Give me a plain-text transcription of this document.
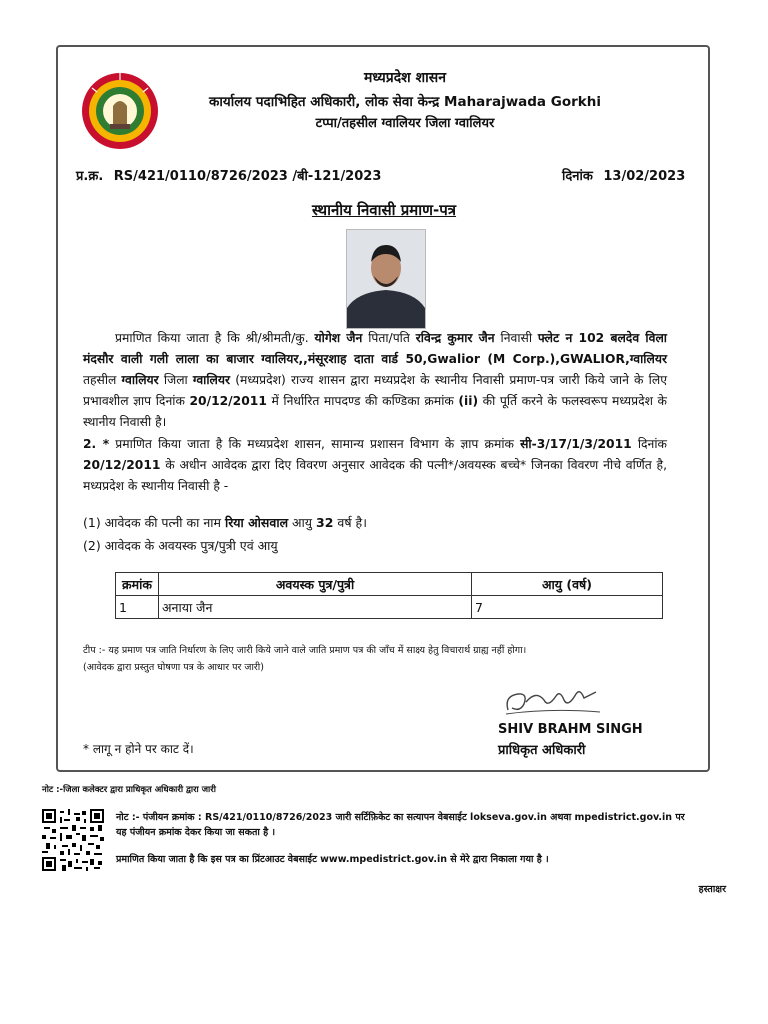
मध्यप्रदेश शासन
कार्यालय पदाभिहित अधिकारी, लोक सेवा केन्द्र Maharajwada Gorkhi
टप्पा/तहसील ग्वालियर जिला ग्वालियर
प्र.क्र. RS/421/0110/8726/2023 /बी-121/2023	दिनांक 13/02/2023
स्थानीय निवासी प्रमाण-पत्र

प्रमाणित किया जाता है कि श्री/श्रीमती/कु. योगेश जैन पिता/पति रविन्द्र कुमार जैन निवासी फ्लेट न 102 बलदेव विला मंदसौर वाली गली लाला का बाजार ग्वालियर,,मंसूरशाह दाता वार्ड 50,Gwalior (M Corp.),GWALIOR,ग्वालियर तहसील ग्वालियर जिला ग्वालियर (मध्यप्रदेश) राज्य शासन द्वारा मध्यप्रदेश के स्थानीय निवासी प्रमाण-पत्र जारी किये जाने के लिए प्रभावशील ज्ञाप दिनांक 20/12/2011 में निर्धारित मापदण्ड की कण्डिका क्रमांक (ii) की पूर्ति करने के फलस्वरूप मध्यप्रदेश के स्थानीय निवासी है।

2. * प्रमाणित किया जाता है कि मध्यप्रदेश शासन, सामान्य प्रशासन विभाग के ज्ञाप क्रमांक सी-3/17/1/3/2011 दिनांक 20/12/2011 के अधीन आवेदक द्वारा दिए विवरण अनुसार आवेदक की पत्नी*/अवयस्क बच्चे* जिनका विवरण नीचे वर्णित है, मध्यप्रदेश के स्थानीय निवासी है -

(1) आवेदक की पत्नी का नाम रिया ओसवाल आयु 32 वर्ष है।
(2) आवेदक के अवयस्क पुत्र/पुत्री एवं आयु
क्रमांक	अवयस्क पुत्र/पुत्री	आयु (वर्ष)
1	अनाया जैन	7
टीप :- यह प्रमाण पत्र जाति निर्धारण के लिए जारी किये जाने वाले जाति प्रमाण पत्र की जाँच में साक्ष्य हेतु विचारार्थ ग्राह्य नहीं होगा।
(आवेदक द्वारा प्रस्तुत घोषणा पत्र के आधार पर जारी)
SHIV BRAHM SINGH
प्राधिकृत अधिकारी
* लागू न होने पर काट दें।
नोट :-जिला कलेक्टर द्वारा प्राधिकृत अधिकारी द्वारा जारी
नोट :- पंजीयन क्रमांक : RS/421/0110/8726/2023 जारी सर्टिफ़िकेट का सत्यापन वेबसाईट lokseva.gov.in अथवा mpedistrict.gov.in पर
यह पंजीयन क्रमांक देकर किया जा सकता है ।
प्रमाणित किया जाता है कि इस पत्र का प्रिंटआउट वेबसाईट www.mpedistrict.gov.in से मेरे द्वारा निकाला गया है ।
हस्ताक्षर
